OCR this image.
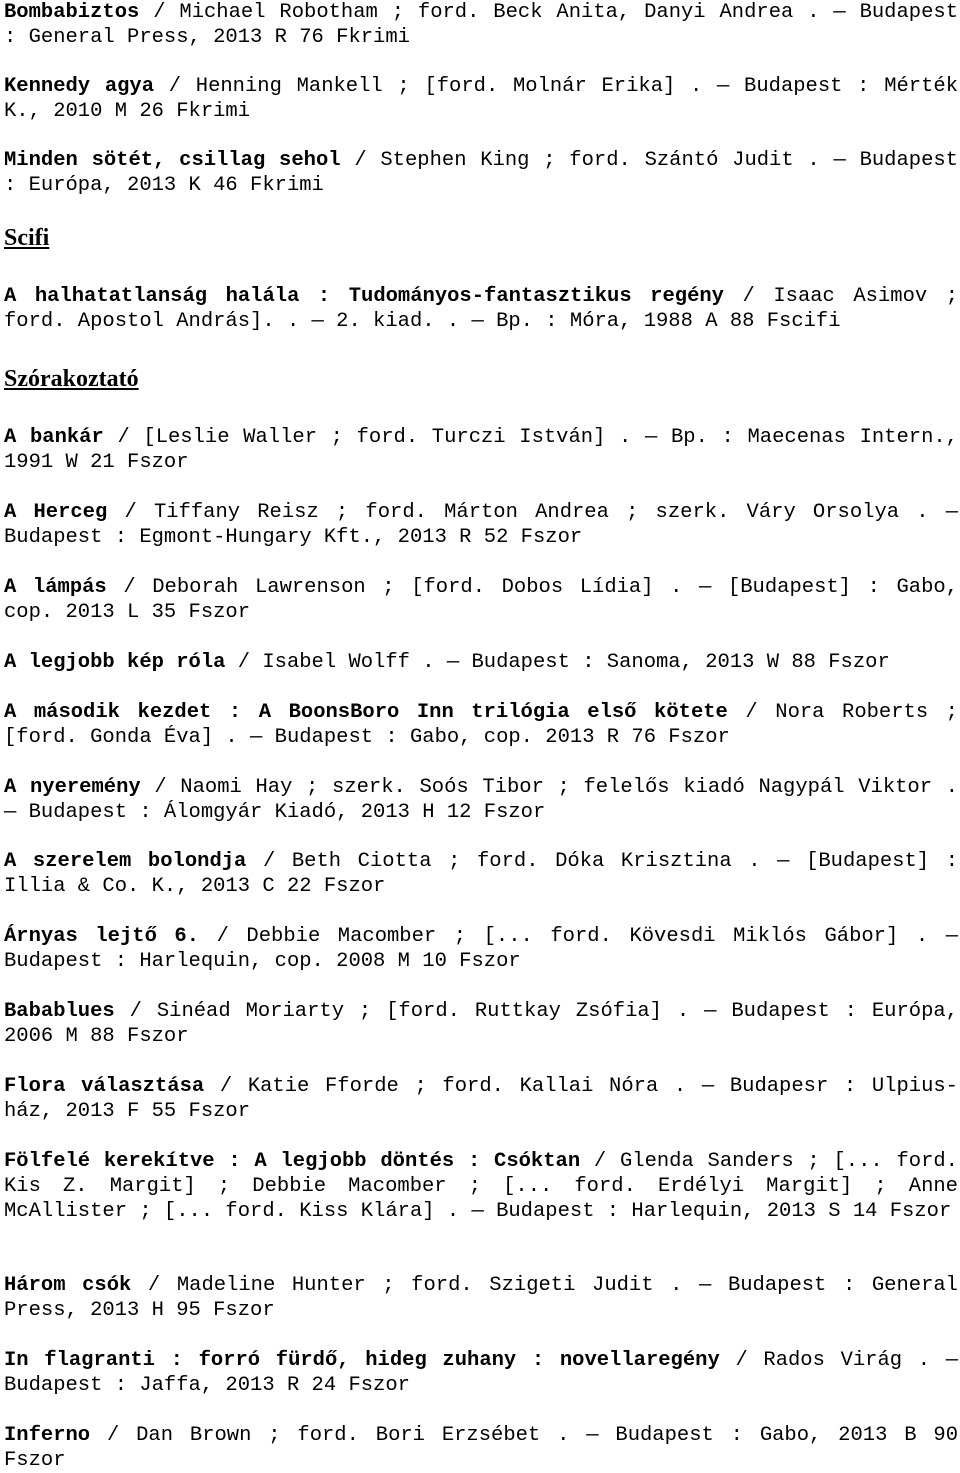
Bombabiztos / Michael Robotham ; ford. Beck Anita, Danyi Andrea . — Budapest : General Press, 2013 R 76 Fkrimi

Kennedy agya / Henning Mankell ; [ford. Molnár Erika] . — Budapest : Mérték K., 2010 M 26 Fkrimi

Minden sötét, csillag sehol / Stephen King ; ford. Szántó Judit . — Budapest : Európa, 2013 K 46 Fkrimi

Scifi

A halhatatlanság halála : Tudományos-fantasztikus regény / Isaac Asimov ; ford. Apostol András]. . — 2. kiad. . — Bp. : Móra, 1988 A 88 Fscifi

Szórakoztató

A bankár / [Leslie Waller ; ford. Turczi István] . — Bp. : Maecenas Intern., 1991 W 21 Fszor

A Herceg / Tiffany Reisz ; ford. Márton Andrea ; szerk. Váry Orsolya . — Budapest : Egmont-Hungary Kft., 2013 R 52 Fszor

A lámpás / Deborah Lawrenson ; [ford. Dobos Lídia] . — [Budapest] : Gabo, cop. 2013 L 35 Fszor

A legjobb kép róla / Isabel Wolff . — Budapest : Sanoma, 2013 W 88 Fszor

A második kezdet : A BoonsBoro Inn trilógia első kötete / Nora Roberts ; [ford. Gonda Éva] . — Budapest : Gabo, cop. 2013 R 76 Fszor

A nyeremény / Naomi Hay ; szerk. Soós Tibor ; felelős kiadó Nagypál Viktor . — Budapest : Álomgyár Kiadó, 2013 H 12 Fszor

A szerelem bolondja / Beth Ciotta ; ford. Dóka Krisztina . — [Budapest] : Illia & Co. K., 2013 C 22 Fszor

Árnyas lejtő 6. / Debbie Macomber ; [... ford. Kövesdi Miklós Gábor] . — Budapest : Harlequin, cop. 2008 M 10 Fszor

Babablues / Sinéad Moriarty ; [ford. Ruttkay Zsófia] . — Budapest : Európa, 2006 M 88 Fszor

Flora választása / Katie Fforde ; ford. Kallai Nóra . — Budapesr : Ulpius-ház, 2013 F 55 Fszor

Fölfelé kerekítve : A legjobb döntés : Csóktan / Glenda Sanders ; [... ford. Kis Z. Margit] ; Debbie Macomber ; [... ford. Erdélyi Margit] ; Anne McAllister ; [... ford. Kiss Klára] . — Budapest : Harlequin, 2013 S 14 Fszor

Három csók / Madeline Hunter ; ford. Szigeti Judit . — Budapest : General Press, 2013 H 95 Fszor

In flagranti : forró fürdő, hideg zuhany : novellaregény / Rados Virág . — Budapest : Jaffa, 2013 R 24 Fszor

Inferno / Dan Brown ; ford. Bori Erzsébet . — Budapest : Gabo, 2013 B 90 Fszor
